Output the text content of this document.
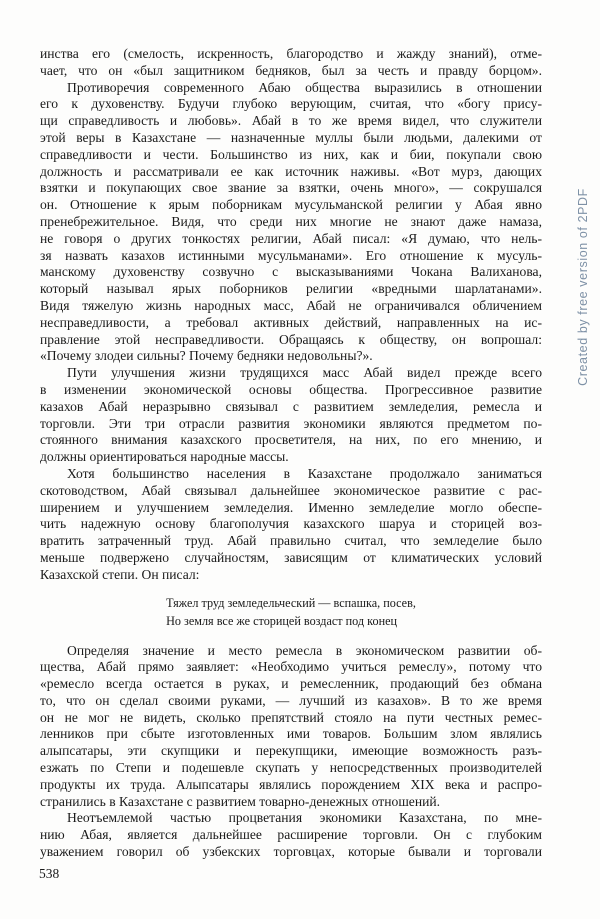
инства его (смелость, искренность, благородство и жажду знаний), отме-
чает, что он «был защитником бедняков, был за честь и правду борцом».
Противоречия современного Абаю общества выразились в отношении
его к духовенству. Будучи глубоко верующим, считая, что «богу прису-
щи справедливость и любовь». Абай в то же время видел, что служители
этой веры в Казахстане — назначенные муллы были людьми, далекими от
справедливости и чести. Большинство из них, как и бии, покупали свою
должность и рассматривали ее как источник наживы. «Вот мурз, дающих
взятки и покупающих свое звание за взятки, очень много», — сокрушался
он. Отношение к ярым поборникам мусульманской религии у Абая явно
пренебрежительное. Видя, что среди них многие не знают даже намаза,
не говоря о других тонкостях религии, Абай писал: «Я думаю, что нель-
зя назвать казахов истинными мусульманами». Его отношение к мусуль-
манскому духовенству созвучно с высказываниями Чокана Валиханова,
который называл ярых поборников религии «вредными шарлатанами».
Видя тяжелую жизнь народных масс, Абай не ограничивался обличением
несправедливости, а требовал активных действий, направленных на ис-
правление этой несправедливости. Обращаясь к обществу, он вопрошал:
«Почему злодеи сильны? Почему бедняки недовольны?».
Пути улучшения жизни трудящихся масс Абай видел прежде всего
в изменении экономической основы общества. Прогрессивное развитие
казахов Абай неразрывно связывал с развитием земледелия, ремесла и
торговли. Эти три отрасли развития экономики являются предметом по-
стоянного внимания казахского просветителя, на них, по его мнению, и
должны ориентироваться народные массы.
Хотя большинство населения в Казахстане продолжало заниматься
скотоводством, Абай связывал дальнейшее экономическое развитие с рас-
ширением и улучшением земледелия. Именно земледелие могло обеспе-
чить надежную основу благополучия казахского шаруа и сторицей воз-
вратить затраченный труд. Абай правильно считал, что земледелие было
меньше подвержено случайностям, зависящим от климатических условий
Казахской степи. Он писал:
Тяжел труд земледельческий — вспашка, посев,
Но земля все же сторицей воздаст под конец
Определяя значение и место ремесла в экономическом развитии об-
щества, Абай прямо заявляет: «Необходимо учиться ремеслу», потому что
«ремесло всегда остается в руках, и ремесленник, продающий без обмана
то, что он сделал своими руками, — лучший из казахов». В то же время
он не мог не видеть, сколько препятствий стояло на пути честных ремес-
ленников при сбыте изготовленных ими товаров. Большим злом являлись
алыпсатары, эти скупщики и перекупщики, имеющие возможность разъ-
езжать по Степи и подешевле скупать у непосредственных производителей
продукты их труда. Алыпсатары являлись порождением XIX века и распро-
странились в Казахстане с развитием товарно-денежных отношений.
Неотъемлемой частью процветания экономики Казахстана, по мне-
нию Абая, является дальнейшее расширение торговли. Он с глубоким
уважением говорил об узбекских торговцах, которые бывали и торговали
538
Created by free version of 2PDF
